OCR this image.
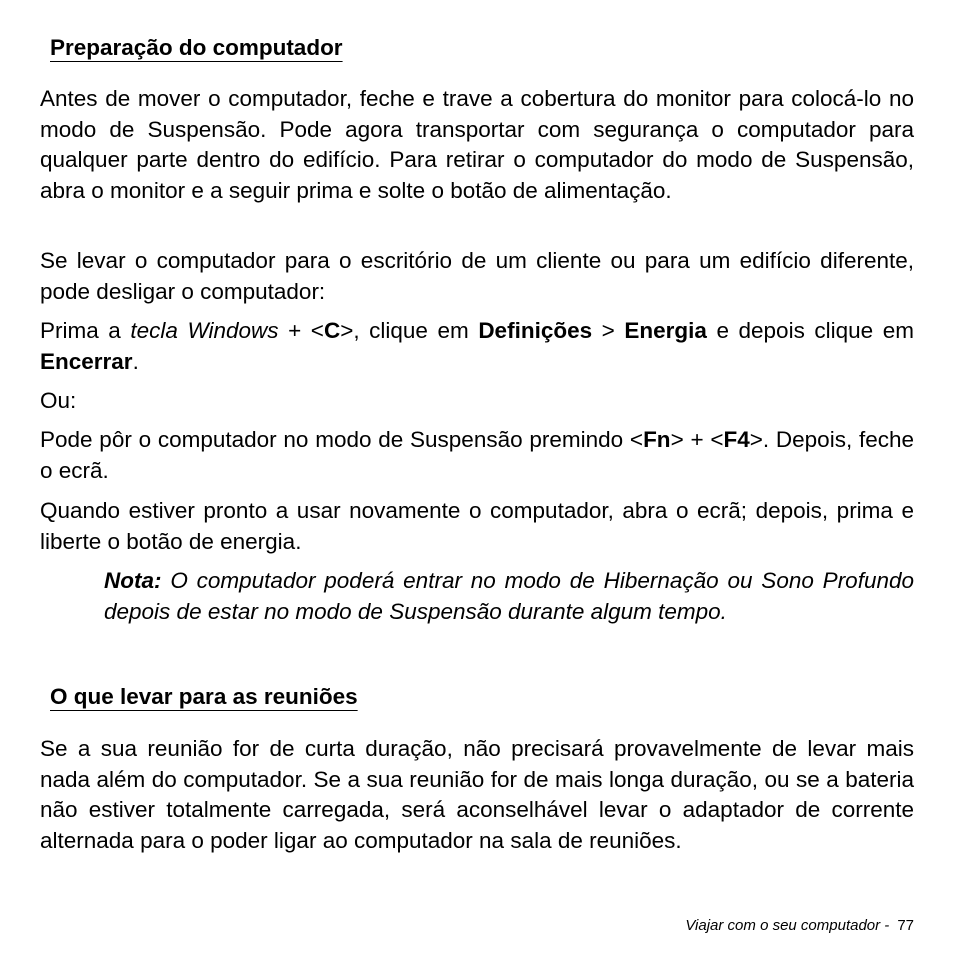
Preparação do computador

Antes de mover o computador, feche e trave a cobertura do monitor para colocá-lo no modo de Suspensão. Pode agora transportar com segurança o computador para qualquer parte dentro do edifício. Para retirar o computador do modo de Suspensão, abra o monitor e a seguir prima e solte o botão de alimentação.

Se levar o computador para o escritório de um cliente ou para um edifício diferente, pode desligar o computador:

Prima a tecla Windows + <C>, clique em Definições > Energia e depois clique em Encerrar.

Ou:

Pode pôr o computador no modo de Suspensão premindo <Fn> + <F4>. Depois, feche o ecrã.

Quando estiver pronto a usar novamente o computador, abra o ecrã; depois, prima e liberte o botão de energia.

Nota: O computador poderá entrar no modo de Hibernação ou Sono Profundo depois de estar no modo de Suspensão durante algum tempo.

O que levar para as reuniões

Se a sua reunião for de curta duração, não precisará provavelmente de levar mais nada além do computador. Se a sua reunião for de mais longa duração, ou se a bateria não estiver totalmente carregada, será aconselhável levar o adaptador de corrente alternada para o poder ligar ao computador na sala de reuniões.

Viajar com o seu computador - 77
